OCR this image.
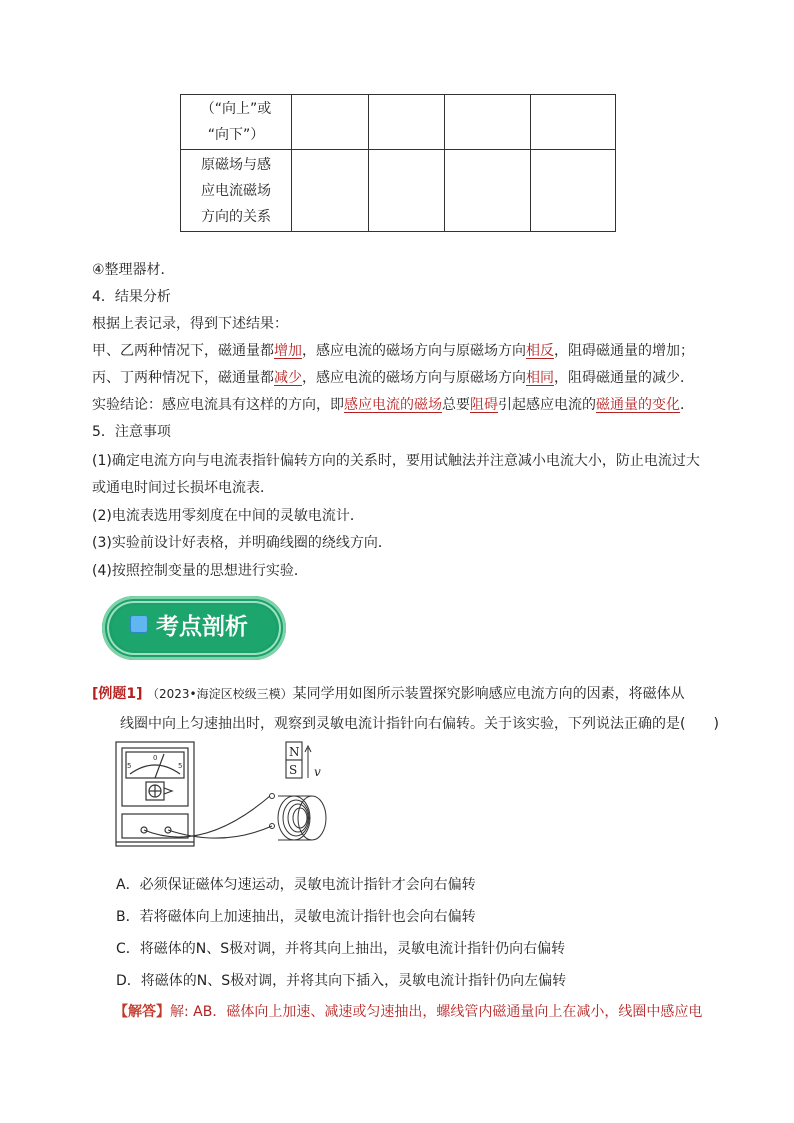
（“向上”或
“向下”）				

原磁场与感
应电流磁场
方向的关系				

④整理器材．
4．结果分析
根据上表记录，得到下述结果：
甲、乙两种情况下，磁通量都增加，感应电流的磁场方向与原磁场方向相反，阻碍磁通量的增加；
丙、丁两种情况下，磁通量都减少，感应电流的磁场方向与原磁场方向相同，阻碍磁通量的减少．
实验结论：感应电流具有这样的方向，即感应电流的磁场总要阻碍引起感应电流的磁通量的变化．
5．注意事项
(1)确定电流方向与电流表指针偏转方向的关系时，要用试触法并注意减小电流大小，防止电流过大
或通电时间过长损坏电流表．
(2)电流表选用零刻度在中间的灵敏电流计．
(3)实验前设计好表格，并明确线圈的绕线方向．
(4)按照控制变量的思想进行实验．
考点剖析
[例题1] （2023•海淀区校级三模）某同学用如图所示装置探究影响感应电流方向的因素，将磁体从
线圈中向上匀速抽出时，观察到灵敏电流计指针向右偏转。关于该实验，下列说法正确的是(　　)
5
0
5
N
S v
A．必须保证磁体匀速运动，灵敏电流计指针才会向右偏转
B．若将磁体向上加速抽出，灵敏电流计指针也会向右偏转
C．将磁体的N、S极对调，并将其向上抽出，灵敏电流计指针仍向右偏转
D．将磁体的N、S极对调，并将其向下插入，灵敏电流计指针仍向左偏转
【解答】解: AB．磁体向上加速、减速或匀速抽出，螺线管内磁通量向上在减小，线圈中感应电
